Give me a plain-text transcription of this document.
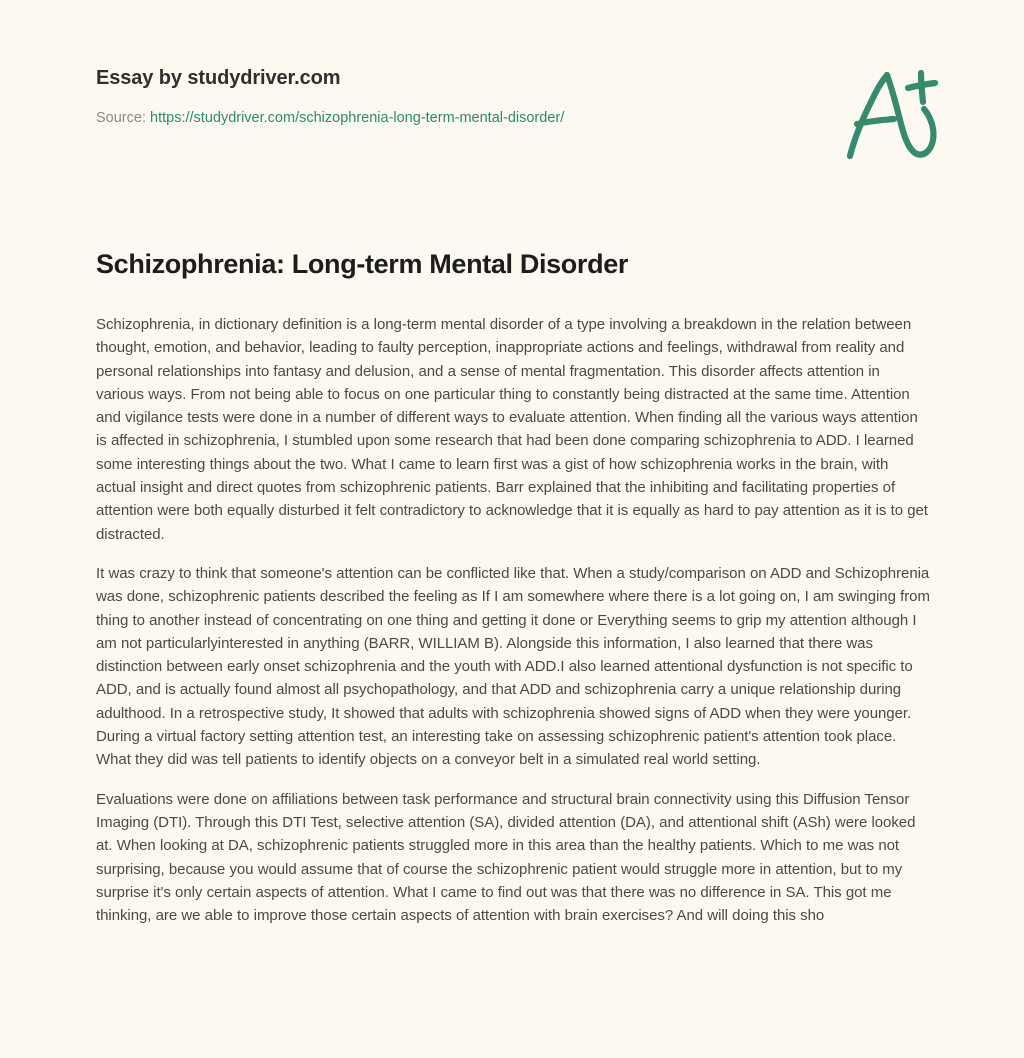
Essay by studydriver.com
Source: https://studydriver.com/schizophrenia-long-term-mental-disorder/
Schizophrenia: Long-term Mental Disorder

Schizophrenia, in dictionary definition is a long-term mental disorder of a type involving a breakdown in the relation between thought, emotion, and behavior, leading to faulty perception, inappropriate actions and feelings, withdrawal from reality and personal relationships into fantasy and delusion, and a sense of mental fragmentation. This disorder affects attention in various ways. From not being able to focus on one particular thing to constantly being distracted at the same time. Attention and vigilance tests were done in a number of different ways to evaluate attention. When finding all the various ways attention is affected in schizophrenia, I stumbled upon some research that had been done comparing schizophrenia to ADD. I learned some interesting things about the two. What I came to learn first was a gist of how schizophrenia works in the brain, with actual insight and direct quotes from schizophrenic patients. Barr explained that the inhibiting and facilitating properties of attention were both equally disturbed it felt contradictory to acknowledge that it is equally as hard to pay attention as it is to get distracted.

It was crazy to think that someone's attention can be conflicted like that. When a study/comparison on ADD and Schizophrenia was done, schizophrenic patients described the feeling as If I am somewhere where there is a lot going on, I am swinging from thing to another instead of concentrating on one thing and getting it done or Everything seems to grip my attention although I am not particularlyinterested in anything (BARR, WILLIAM B). Alongside this information, I also learned that there was distinction between early onset schizophrenia and the youth with ADD.I also learned attentional dysfunction is not specific to ADD, and is actually found almost all psychopathology, and that ADD and schizophrenia carry a unique relationship during adulthood. In a retrospective study, It showed that adults with schizophrenia showed signs of ADD when they were younger. During a virtual factory setting attention test, an interesting take on assessing schizophrenic patient's attention took place. What they did was tell patients to identify objects on a conveyor belt in a simulated real world setting.

Evaluations were done on affiliations between task performance and structural brain connectivity using this Diffusion Tensor Imaging (DTI). Through this DTI Test, selective attention (SA), divided attention (DA), and attentional shift (ASh) were looked at. When looking at DA, schizophrenic patients struggled more in this area than the healthy patients. Which to me was not surprising, because you would assume that of course the schizophrenic patient would struggle more in attention, but to my surprise it's only certain aspects of attention. What I came to find out was that there was no difference in SA. This got me thinking, are we able to improve those certain aspects of attention with brain exercises? And will doing this sho
